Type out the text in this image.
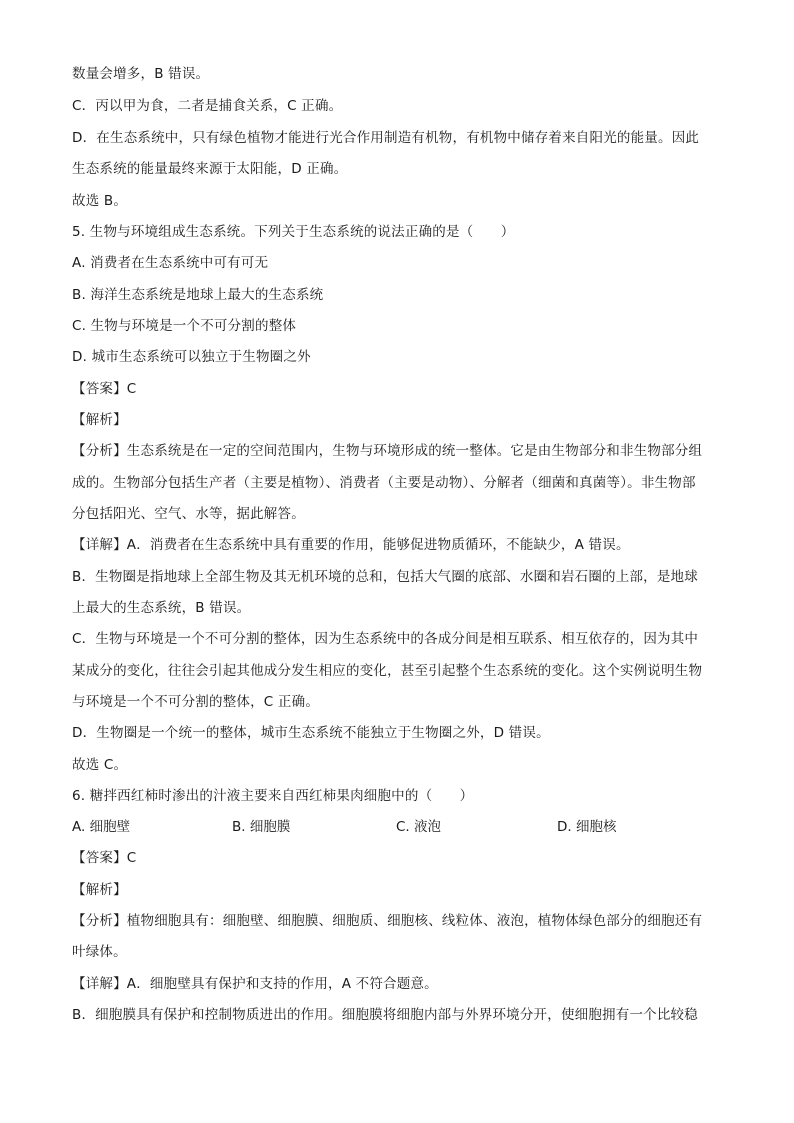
数量会增多，B 错误。
C．丙以甲为食，二者是捕食关系，C 正确。
D．在生态系统中，只有绿色植物才能进行光合作用制造有机物，有机物中储存着来自阳光的能量。因此
生态系统的能量最终来源于太阳能，D 正确。
故选 B。
5. 生物与环境组成生态系统。下列关于生态系统的说法正确的是（　　）
A. 消费者在生态系统中可有可无
B. 海洋生态系统是地球上最大的生态系统
C. 生物与环境是一个不可分割的整体
D. 城市生态系统可以独立于生物圈之外
【答案】C
【解析】
【分析】生态系统是在一定的空间范围内，生物与环境形成的统一整体。它是由生物部分和非生物部分组
成的。生物部分包括生产者（主要是植物）、消费者（主要是动物）、分解者（细菌和真菌等）。非生物部
分包括阳光、空气、水等，据此解答。
【详解】A．消费者在生态系统中具有重要的作用，能够促进物质循环，不能缺少，A 错误。
B．生物圈是指地球上全部生物及其无机环境的总和，包括大气圈的底部、水圈和岩石圈的上部，是地球
上最大的生态系统，B 错误。
C．生物与环境是一个不可分割的整体，因为生态系统中的各成分间是相互联系、相互依存的，因为其中
某成分的变化，往往会引起其他成分发生相应的变化，甚至引起整个生态系统的变化。这个实例说明生物
与环境是一个不可分割的整体，C 正确。
D．生物圈是一个统一的整体，城市生态系统不能独立于生物圈之外，D 错误。
故选 C。
6. 糖拌西红柿时渗出的汁液主要来自西红柿果肉细胞中的（　　）
A. 细胞壁	B. 细胞膜	C. 液泡	D. 细胞核
【答案】C
【解析】
【分析】植物细胞具有：细胞壁、细胞膜、细胞质、细胞核、线粒体、液泡，植物体绿色部分的细胞还有
叶绿体。
【详解】A．细胞壁具有保护和支持的作用，A 不符合题意。
B．细胞膜具有保护和控制物质进出的作用。细胞膜将细胞内部与外界环境分开，使细胞拥有一个比较稳
